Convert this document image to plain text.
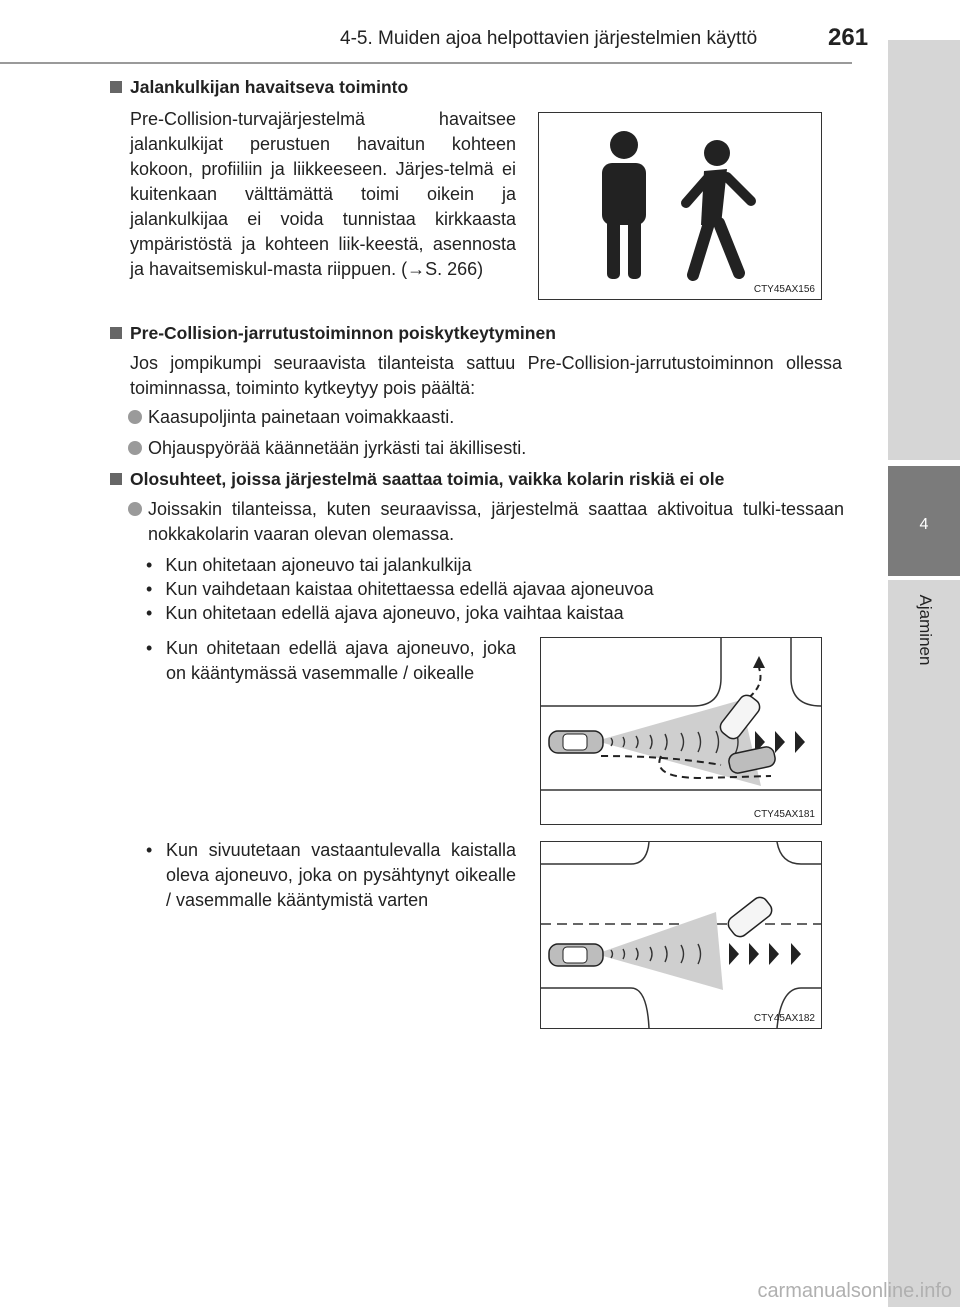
4-5. Muiden ajoa helpottavien järjestelmien käyttö	261
4
Ajaminen
Jalankulkijan havaitseva toiminto
Pre-Collision-turvajärjestelmä havaitsee jalankulkijat perustuen havaitun kohteen kokoon, profiiliin ja liikkeeseen. Järjes-telmä ei kuitenkaan välttämättä toimi oikein ja jalankulkijaa ei voida tunnistaa kirkkaasta ympäristöstä ja kohteen liik-keestä, asennosta ja havaitsemiskul-masta riippuen. (→S. 266)
CTY45AX156
Pre-Collision-jarrutustoiminnon poiskytkeytyminen
Jos jompikumpi seuraavista tilanteista sattuu Pre-Collision-jarrutustoiminnon ollessa toiminnassa, toiminto kytkeytyy pois päältä:
Kaasupoljinta painetaan voimakkaasti.
Ohjauspyörää käännetään jyrkästi tai äkillisesti.
Olosuhteet, joissa järjestelmä saattaa toimia, vaikka kolarin riskiä ei ole
Joissakin tilanteissa, kuten seuraavissa, järjestelmä saattaa aktivoitua tulki-tessaan nokkakolarin vaaran olevan olemassa.
• Kun ohitetaan ajoneuvo tai jalankulkija
• Kun vaihdetaan kaistaa ohitettaessa edellä ajavaa ajoneuvoa
• Kun ohitetaan edellä ajava ajoneuvo, joka vaihtaa kaistaa
• Kun ohitetaan edellä ajava ajoneuvo, joka on kääntymässä vasemmalle / oikealle
CTY45AX181
• Kun sivuutetaan vastaantulevalla kaistalla oleva ajoneuvo, joka on pysähtynyt oikealle / vasemmalle kääntymistä varten
CTY45AX182
carmanualsonline.info
